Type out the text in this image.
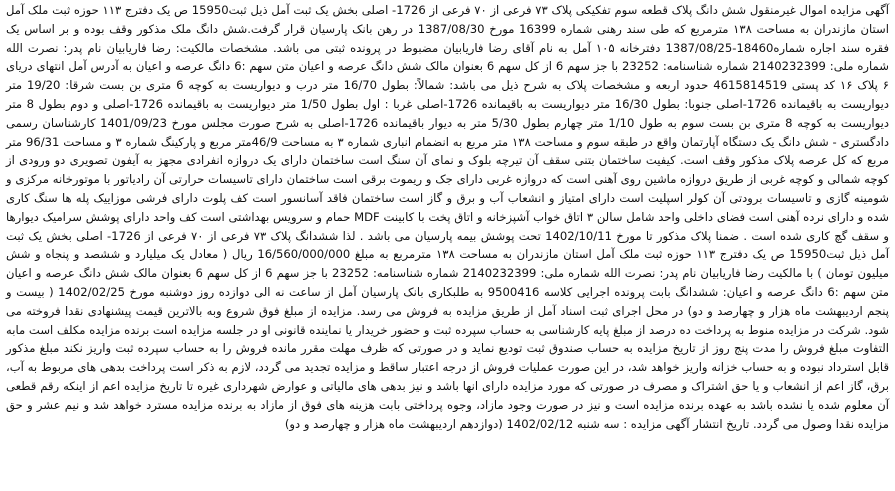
آگهی مزایده اموال غیرمنقول شش دانگ پلاک قطعه سوم تفکیکی پلاک ۷۳ فرعی از ۷۰ فرعی از 1726- اصلی بخش یک ثبت آمل ذیل ثبت15950 ص یک دفترج ۱۱۳ حوزه ثبت ملک آمل استان مازندران به مساحت ۱۳۸ مترمربع که طی سند رهنی شماره 16399 مورخ 1387/08/30 در رهن بانک پارسیان قرار گرفت.شش دانگ ملک مذکور وقف بوده و بر اساس یک فقره سند اجاره شماره18460-1387/08/25 دفترخانه ۱۰۵ آمل به نام آقای رضا فاریابیان مضبوط در پرونده ثبتی می باشد. مشخصات مالکیت: رضا فاریابیان نام پدر: نصرت الله شماره ملی: 2140232399 شماره شناسنامه: 23252 با جز سهم 6 از کل سهم 6 بعنوان مالک شش دانگ عرصه و اعیان متن سهم :6 دانگ عرصه و اعیان به آدرس آمل انتهای دریای ۶ پلاک ۱۶ کد پستی 4615814519 حدود اربعه و مشخصات پلاک به شرح ذیل می باشد: شمالاً: بطول 16/70 متر درب و دیواریست به کوچه 6 متری بن بست شرقا: 19/20 متر دیواریست به باقیمانده 1726-اصلی جنوبا: بطول 16/30 متر دیواریست به باقیمانده 1726-اصلی غربا : اول بطول 1/50 متر دیواریست به باقیمانده 1726-اصلی و دوم بطول 8 متر دیواریست به کوچه 8 متری بن بست سوم به طول 1/10 متر چهارم بطول 5/30 متر به دیوار باقیمانده 1726-اصلی به شرح صورت مجلس مورخ 1401/09/23 کارشناسان رسمی دادگستری - شش دانگ یک دستگاه آپارتمان واقع در طبقه سوم و مساحت ۱۳۸ متر مربع به انضمام انباری شماره ۳ به مساحت 46/9متر مربع و پارکینگ شماره ۳ و مساحت 96/31 متر مربع که کل عرصه پلاک مذکور وقف است. کیفیت ساختمان بتنی سقف آن تیرچه بلوک و نمای آن سنگ است ساختمان دارای یک دروازه انفرادی مجهز به آیفون تصویری دو ورودی از کوچه شمالی و کوچه غربی از طریق دروازه ماشین روی آهنی است که دروازه غربی دارای جک و ریموت برقی است ساختمان دارای تاسیسات حرارتی آن رادیاتور با موتورخانه مرکزی و شومینه گازی و تاسیسات برودتی آن کولر اسپلیت است دارای امتیاز و انشعاب آب و برق و گاز است ساختمان فاقد آسانسور است کف پلوت دارای فرشی موزاییک پله ها سنگ کاری شده و دارای نرده آهنی است فضای داخلی واحد شامل سالن ۳ اتاق خواب آشپزخانه و اتاق پخت با کابینت MDF حمام و سرویس بهداشتی است کف واحد دارای پوشش سرامیک دیوارها و سقف گچ کاری شده است . ضمنا پلاک مذکور تا مورخ 1402/10/11 تحت پوشش بیمه پارسیان می باشد . لذا ششدانگ پلاک ۷۳ فرعی از ۷۰ فرعی از 1726- اصلی بخش یک ثبت آمل ذیل ثبت15950 ص یک دفترج ۱۱۳ حوزه ثبت ملک آمل استان مازندران به مساحت ۱۳۸ مترمربع به مبلغ 16/560/000/000 ریال ( معادل یک میلیارد و ششصد و پنجاه و شش میلیون تومان ) با مالکیت رضا فاریابیان نام پدر: نصرت الله شماره ملی: 2140232399 شماره شناسنامه: 23252 با جز سهم 6 از کل سهم 6 بعنوان مالک شش دانگ عرصه و اعیان متن سهم :6 دانگ عرصه و اعیان: ششدانگ بابت پرونده اجرایی کلاسه 9500416 به طلبکاری بانک پارسیان آمل از ساعت نه الی دوازده روز دوشنبه مورخ 1402/02/25 ( بیست و پنجم اردیبهشت ماه هزار و چهارصد و دو) در محل اجرای ثبت اسناد آمل از طریق مزایده به فروش می رسد. مزایده از مبلغ فوق شروع وبه بالاترین قیمت پیشنهادی نقدا فروخته می شود. شرکت در مزایده منوط به پرداخت ده درصد از مبلغ پایه کارشناسی به حساب سپرده ثبت و حضور خریدار یا نماینده قانونی او در جلسه مزایده است برنده مزایده مکلف است مابه التفاوت مبلغ فروش را مدت پنج روز از تاریخ مزایده به حساب صندوق ثبت تودیع نماید و در صورتی که ظرف مهلت مقرر مانده فروش را به حساب سپرده ثبت واریز نکند مبلغ مذکور قابل استرداد نبوده و به حساب خزانه واریز خواهد شد، در این صورت عملیات فروش از درجه اعتبار ساقط و مزایده تجدید می گردد، لازم به ذکر است پرداخت بدهی های مربوط به آب، برق، گاز اعم از انشعاب و یا حق اشتراک و مصرف در صورتی که مورد مزایده دارای انها باشد و نیز بدهی های مالیاتی و عوارض شهرداری غیره تا تاریخ مزایده اعم از اینکه رقم قطعی آن معلوم شده یا نشده باشد به عهده برنده مزایده است و نیز در صورت وجود مازاد، وجوه پرداختی بابت هزینه های فوق از مازاد به برنده مزایده مسترد خواهد شد و نیم عشر و حق مزایده نقدا وصول می گردد. تاریخ انتشار آگهی مزایده : سه شنبه 1402/02/12 (دوازدهم اردیبهشت ماه هزار و چهارصد و دو)
